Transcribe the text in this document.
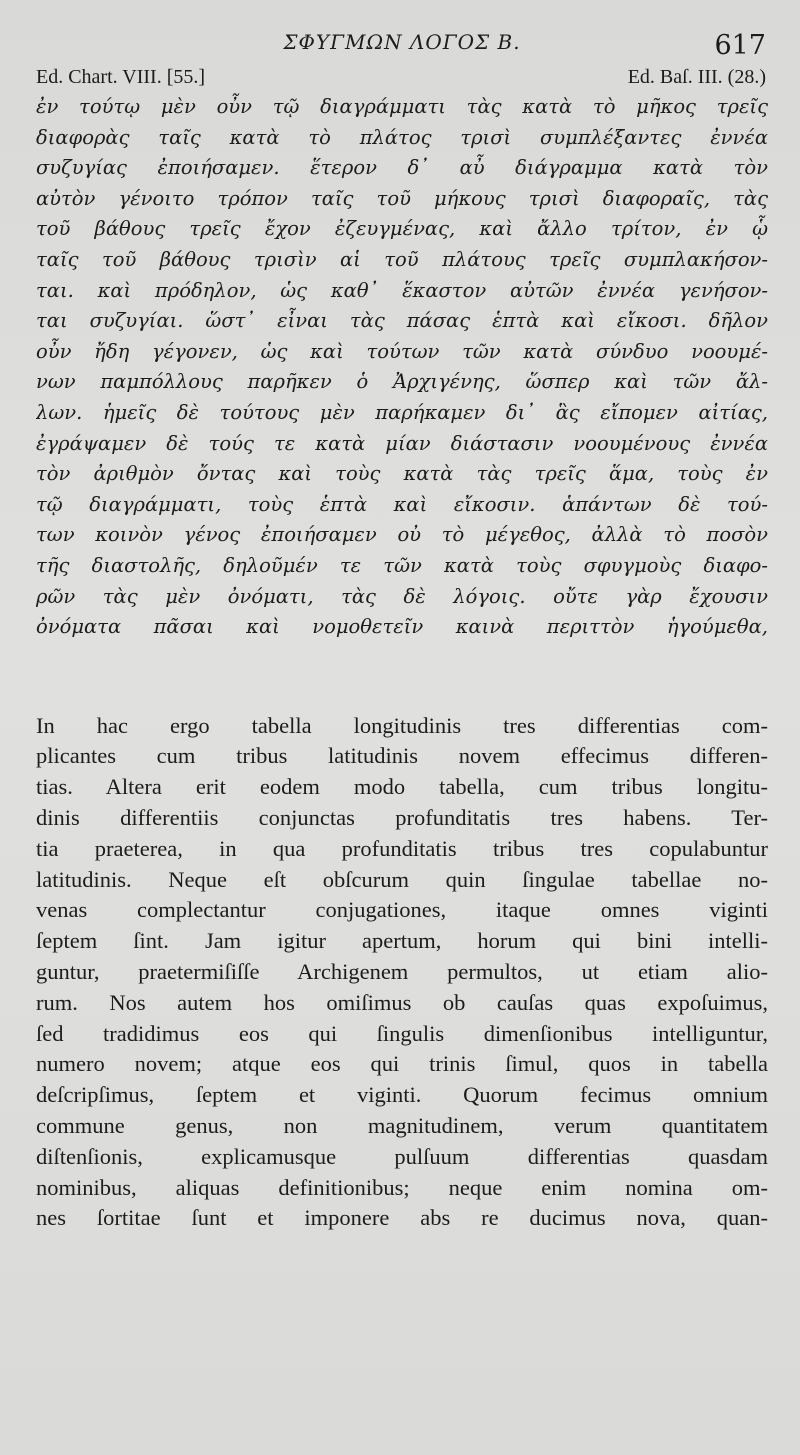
ΣΦΥΓΜΩΝ ΛΟΓΟΣ Β.	617
Ed. Chart. VIII. [55.]	Ed. Baſ. III. (28.)
ἐν τούτῳ μὲν οὖν τῷ διαγράμματι τὰς κατὰ τὸ μῆκος τρεῖς
διαφορὰς ταῖς κατὰ τὸ πλάτος τρισὶ συμπλέξαντες ἐννέα
συζυγίας ἐποιήσαμεν. ἕτερον δ᾽ αὖ διάγραμμα κατὰ τὸν
αὐτὸν γένοιτο τρόπον ταῖς τοῦ μήκους τρισὶ διαφοραῖς, τὰς
τοῦ βάθους τρεῖς ἔχον ἐζευγμένας, καὶ ἄλλο τρίτον, ἐν ᾧ
ταῖς τοῦ βάθους τρισὶν αἱ τοῦ πλάτους τρεῖς συμπλακήσον-
ται. καὶ πρόδηλον, ὡς καθ᾽ ἕκαστον αὐτῶν ἐννέα γενήσον-
ται συζυγίαι. ὥστ᾽ εἶναι τὰς πάσας ἑπτὰ καὶ εἴκοσι. δῆλον
οὖν ἤδη γέγονεν, ὡς καὶ τούτων τῶν κατὰ σύνδυο νοουμέ-
νων παμπόλλους παρῆκεν ὁ Ἀρχιγένης, ὥσπερ καὶ τῶν ἄλ-
λων. ἡμεῖς δὲ τούτους μὲν παρήκαμεν δι᾽ ἃς εἴπομεν αἰτίας,
ἐγράψαμεν δὲ τούς τε κατὰ μίαν διάστασιν νοουμένους ἐννέα
τὸν ἀριθμὸν ὄντας καὶ τοὺς κατὰ τὰς τρεῖς ἅμα, τοὺς ἐν
τῷ διαγράμματι, τοὺς ἑπτὰ καὶ εἴκοσιν. ἁπάντων δὲ τού-
των κοινὸν γένος ἐποιήσαμεν οὐ τὸ μέγεθος, ἀλλὰ τὸ ποσὸν
τῆς διαστολῆς, δηλοῦμέν τε τῶν κατὰ τοὺς σφυγμοὺς διαφο-
ρῶν τὰς μὲν ὀνόματι, τὰς δὲ λόγοις. οὔτε γὰρ ἔχουσιν
ὀνόματα πᾶσαι καὶ νομοθετεῖν καινὰ περιττὸν ἡγούμεθα,
In hac ergo tabella longitudinis tres differentias com-
plicantes cum tribus latitudinis novem effecimus differen-
tias. Altera erit eodem modo tabella, cum tribus longitu-
dinis differentiis conjunctas profunditatis tres habens. Ter-
tia praeterea, in qua profunditatis tribus tres copulabuntur
latitudinis. Neque eſt obſcurum quin ſingulae tabellae no-
venas complectantur conjugationes, itaque omnes viginti
ſeptem ſint. Jam igitur apertum, horum qui bini intelli-
guntur, praetermiſiſſe Archigenem permultos, ut etiam alio-
rum. Nos autem hos omiſimus ob cauſas quas expoſuimus,
ſed tradidimus eos qui ſingulis dimenſionibus intelliguntur,
numero novem; atque eos qui trinis ſimul, quos in tabella
deſcripſimus, ſeptem et viginti. Quorum fecimus omnium
commune genus, non magnitudinem, verum quantitatem
diſtenſionis, explicamusque pulſuum differentias quasdam
nominibus, aliquas definitionibus; neque enim nomina om-
nes ſortitae ſunt et imponere abs re ducimus nova, quan-
